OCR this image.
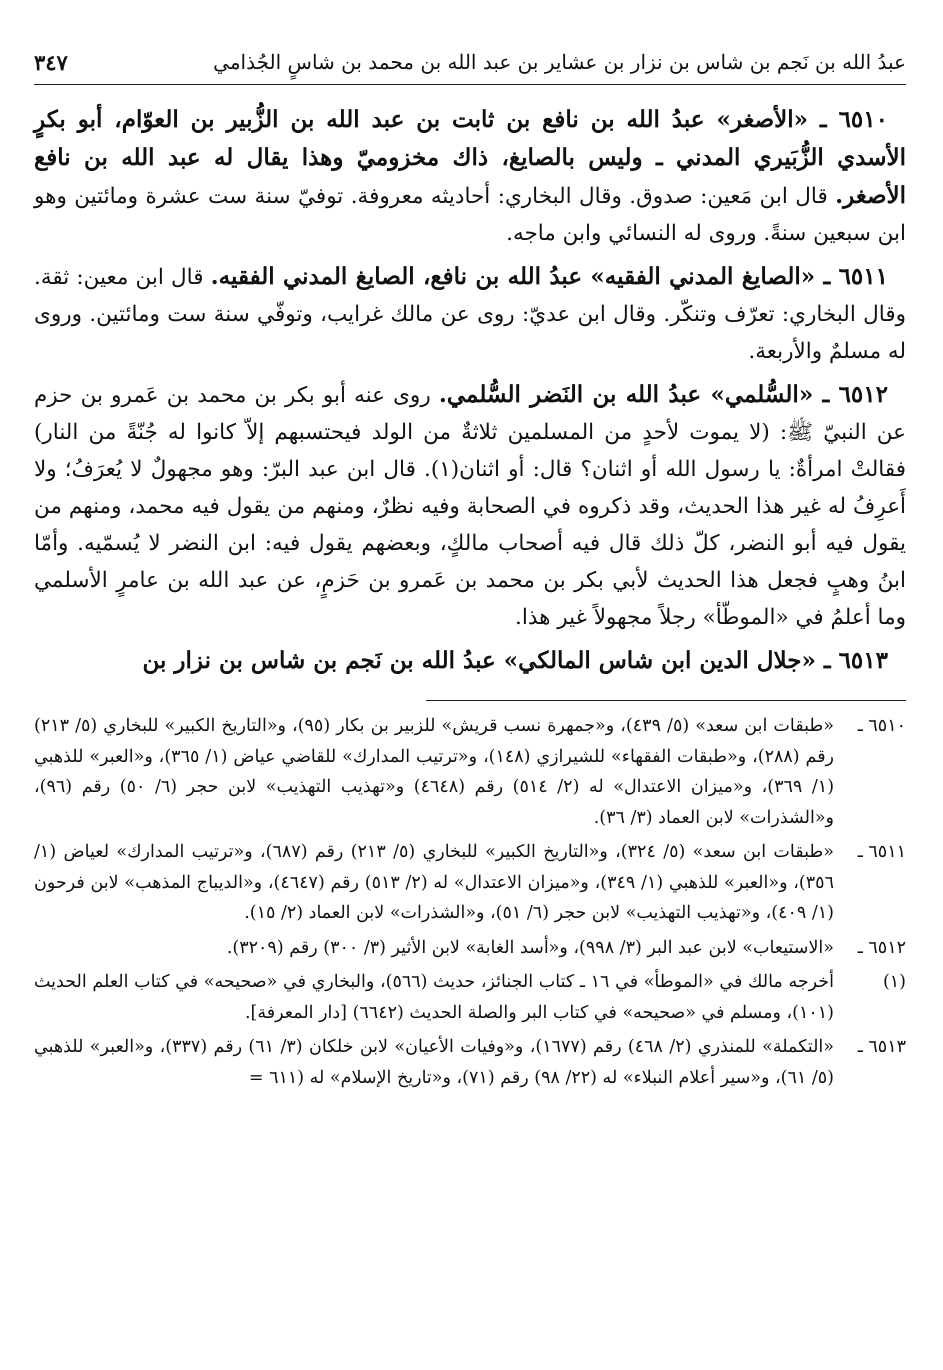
عبدُ الله بن نَجم بن شاس بن نزار بن عشاير بن عبد الله بن محمد بن شاسٍ الجُذامي
٣٤٧

٦٥١٠ ـ «الأصغر» عبدُ الله بن نافع بن ثابت بن عبد الله بن الزُّبير بن العوّام، أبو بكرٍ الأسدي الزُّبَيري المدني ـ وليس بالصايغ، ذاك مخزوميّ وهذا يقال له عبد الله بن نافع الأصغر. قال ابن مَعين: صدوق. وقال البخاري: أحاديثه معروفة. توفيّ سنة ست عشرة ومائتين وهو ابن سبعين سنةً. وروى له النسائي وابن ماجه.

٦٥١١ ـ «الصايغ المدني الفقيه» عبدُ الله بن نافع، الصايغ المدني الفقيه. قال ابن معين: ثقة. وقال البخاري: تعرّف وتنكّر. وقال ابن عديّ: روى عن مالك غرايب، وتوفّي سنة ست ومائتين. وروى له مسلمٌ والأربعة.

٦٥١٢ ـ «السُّلمي» عبدُ الله بن النَضر السُّلمي. روى عنه أبو بكر بن محمد بن عَمرو بن حزم عن النبيّ ﷺ: (لا يموت لأحدٍ من المسلمين ثلاثةٌ من الولد فيحتسبهم إلاّ كانوا له جُنّةً من النار) فقالتْ امرأةٌ: يا رسول الله أو اثنان؟ قال: أو اثنان(١). قال ابن عبد البرّ: وهو مجهولٌ لا يُعرَفُ؛ ولا أَعرِفُ له غير هذا الحديث، وقد ذكروه في الصحابة وفيه نظرٌ، ومنهم من يقول فيه محمد، ومنهم من يقول فيه أبو النضر، كلّ ذلك قال فيه أصحاب مالكٍ، وبعضهم يقول فيه: ابن النضر لا يُسمّيه. وأمّا ابنُ وهبٍ فجعل هذا الحديث لأبي بكر بن محمد بن عَمرو بن حَزمٍ، عن عبد الله بن عامرٍ الأسلمي وما أعلمُ في «الموطّأ» رجلاً مجهولاً غير هذا.

٦٥١٣ ـ «جلال الدين ابن شاس المالكي» عبدُ الله بن نَجم بن شاس بن نزار بن

٦٥١٠ ـ
«طبقات ابن سعد» (٥/ ٤٣٩)، و«جمهرة نسب قريش» للزبير بن بكار (٩٥)، و«التاريخ الكبير» للبخاري (٥/ ٢١٣) رقم (٢٨٨)، و«طبقات الفقهاء» للشيرازي (١٤٨)، و«ترتيب المدارك» للقاضي عياض (١/ ٣٦٥)، و«العبر» للذهبي (١/ ٣٦٩)، و«ميزان الاعتدال» له (٢/ ٥١٤) رقم (٤٦٤٨) و«تهذيب التهذيب» لابن حجر (٦/ ٥٠) رقم (٩٦)، و«الشذرات» لابن العماد (٣/ ٣٦).
٦٥١١ ـ
«طبقات ابن سعد» (٥/ ٣٢٤)، و«التاريخ الكبير» للبخاري (٥/ ٢١٣) رقم (٦٨٧)، و«ترتيب المدارك» لعياض (١/ ٣٥٦)، و«العبر» للذهبي (١/ ٣٤٩)، و«ميزان الاعتدال» له (٢/ ٥١٣) رقم (٤٦٤٧)، و«الديباج المذهب» لابن فرحون (١/ ٤٠٩)، و«تهذيب التهذيب» لابن حجر (٦/ ٥١)، و«الشذرات» لابن العماد (٢/ ١٥).
٦٥١٢ ـ
«الاستيعاب» لابن عبد البر (٣/ ٩٩٨)، و«أسد الغابة» لابن الأثير (٣/ ٣٠٠) رقم (٣٢٠٩).
(١)
أخرجه مالك في «الموطأ» في ١٦ ـ كتاب الجنائز، حديث (٥٦٦)، والبخاري في «صحيحه» في كتاب العلم الحديث (١٠١)، ومسلم في «صحيحه» في كتاب البر والصلة الحديث (٦٦٤٢) [دار المعرفة].
٦٥١٣ ـ
«التكملة» للمنذري (٢/ ٤٦٨) رقم (١٦٧٧)، و«وفيات الأعيان» لابن خلكان (٣/ ٦١) رقم (٣٣٧)، و«العبر» للذهبي (٥/ ٦١)، و«سير أعلام النبلاء» له (٢٢/ ٩٨) رقم (٧١)، و«تاريخ الإسلام» له (٦١١ =
